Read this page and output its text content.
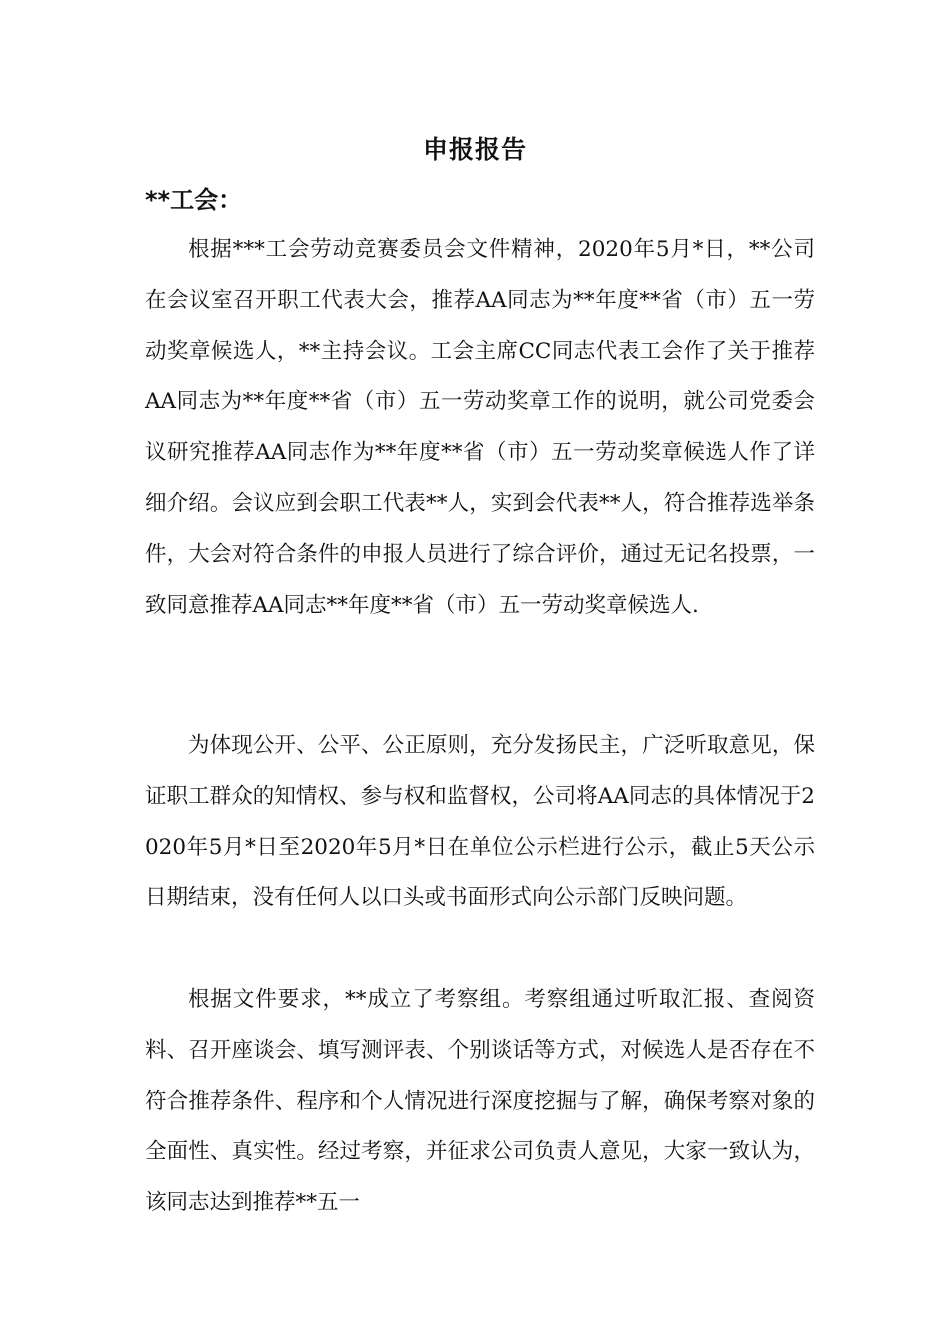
申报报告
**工会：

根据***工会劳动竞赛委员会文件精神，2020年5月*日，**公司在会议室召开职工代表大会，推荐AA同志为**年度**省（市）五一劳动奖章候选人，**主持会议。工会主席CC同志代表工会作了关于推荐AA同志为**年度**省（市）五一劳动奖章工作的说明，就公司党委会议研究推荐AA同志作为**年度**省（市）五一劳动奖章候选人作了详细介绍。会议应到会职工代表**人，实到会代表**人，符合推荐选举条件，大会对符合条件的申报人员进行了综合评价，通过无记名投票，一致同意推荐AA同志**年度**省（市）五一劳动奖章候选人.

为体现公开、公平、公正原则，充分发扬民主，广泛听取意见，保证职工群众的知情权、参与权和监督权，公司将AA同志的具体情况于2020年5月*日至2020年5月*日在单位公示栏进行公示，截止5天公示日期结束，没有任何人以口头或书面形式向公示部门反映问题。

根据文件要求，**成立了考察组。考察组通过听取汇报、查阅资料、召开座谈会、填写测评表、个别谈话等方式，对候选人是否存在不符合推荐条件、程序和个人情况进行深度挖掘与了解，确保考察对象的全面性、真实性。经过考察，并征求公司负责人意见，大家一致认为，该同志达到推荐**五一
